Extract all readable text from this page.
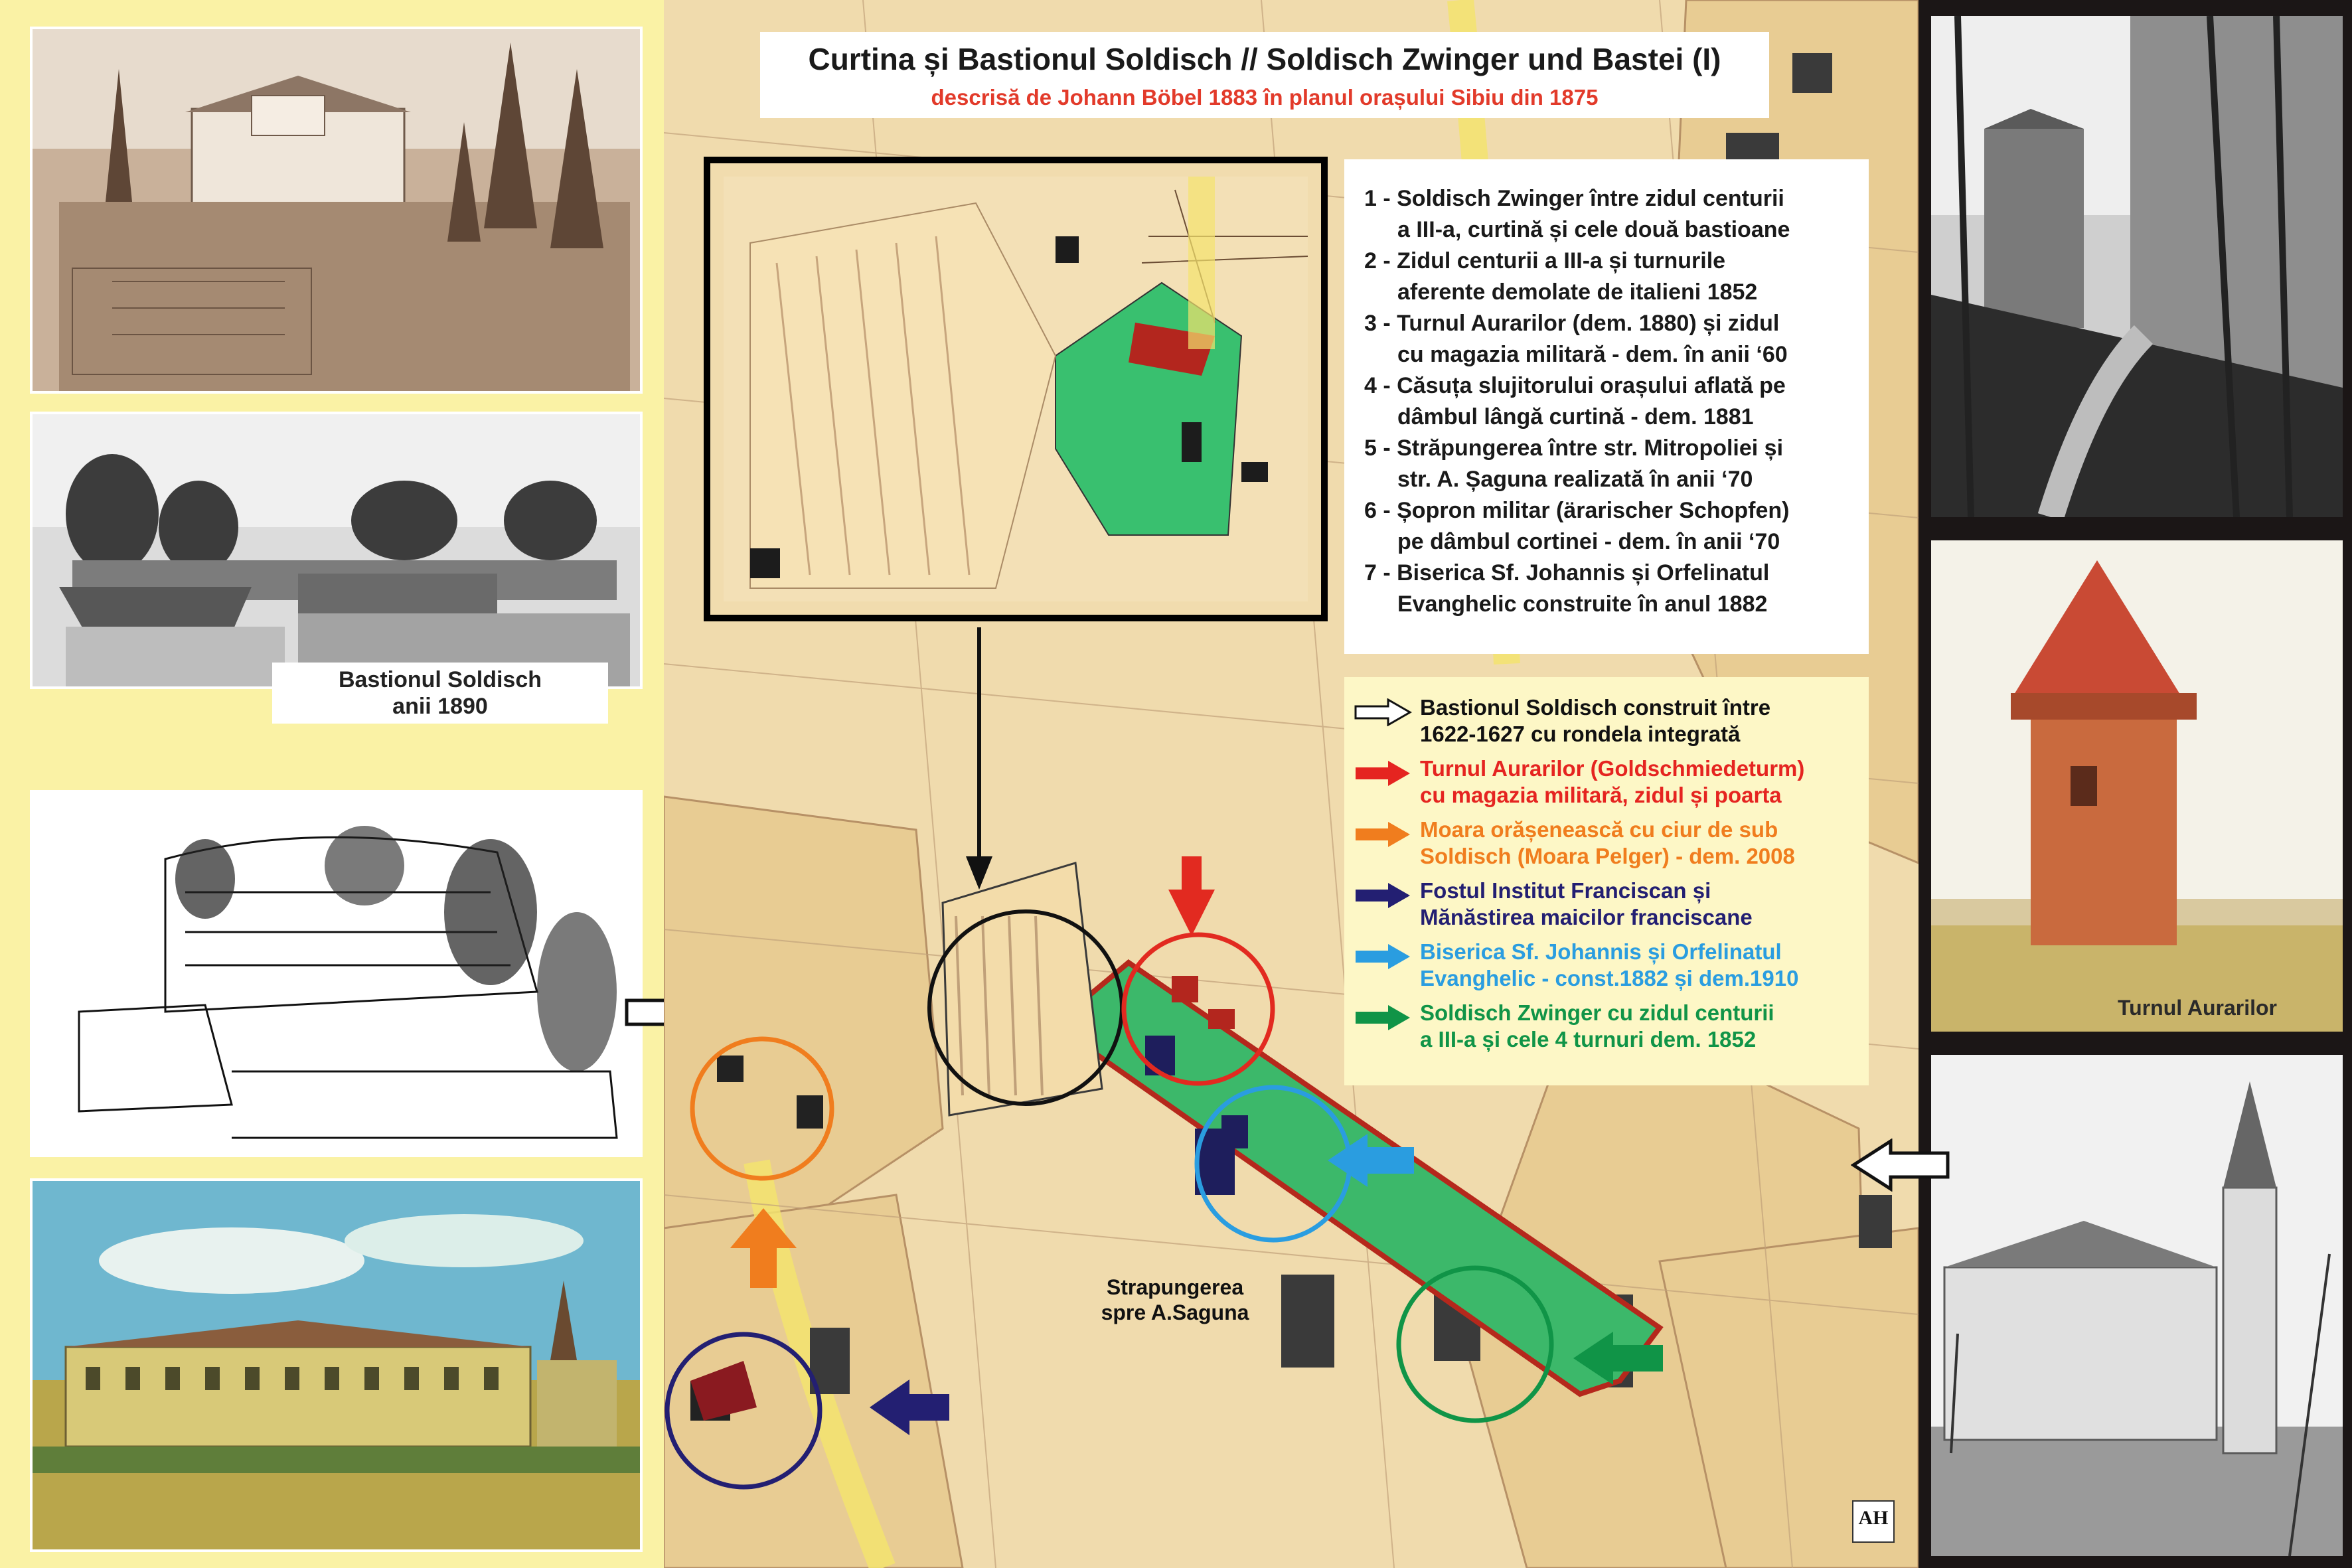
Bastionul Soldisch
anii 1890
Strapungerea
spre A.Saguna
AH
Curtina și Bastionul Soldisch // Soldisch Zwinger und Bastei (I)
descrisă de Johann Böbel 1883 în planul orașului Sibiu din 1875
1 - Soldisch Zwinger între zidul centurii
a III-a, curtină și cele două bastioane
2 - Zidul centurii a III-a și turnurile
aferente demolate de italieni 1852
3 - Turnul Aurarilor (dem. 1880) și zidul
cu magazia militară - dem. în anii ‘60
4 - Căsuța slujitorului orașului aflată pe
dâmbul lângă curtină - dem. 1881
5 - Străpungerea între str. Mitropoliei și
str. A. Șaguna realizată în anii ‘70
6 - Șopron militar (ärarischer Schopfen)
pe dâmbul cortinei - dem. în anii ‘70
7 - Biserica Sf. Johannis și Orfelinatul
Evanghelic construite în anul 1882
Bastionul Soldisch construit între
1622-1627 cu rondela integrată
Turnul Aurarilor (Goldschmiedeturm)
cu magazia militară, zidul și poarta
Moara orășenească cu ciur de sub
Soldisch (Moara Pelger) - dem. 2008
Fostul Institut Franciscan și
Mănăstirea maicilor franciscane
Biserica Sf. Johannis și Orfelinatul
Evanghelic - const.1882 și dem.1910
Soldisch Zwinger cu zidul centurii
a III-a și cele 4 turnuri dem. 1852
Turnul Aurarilor
